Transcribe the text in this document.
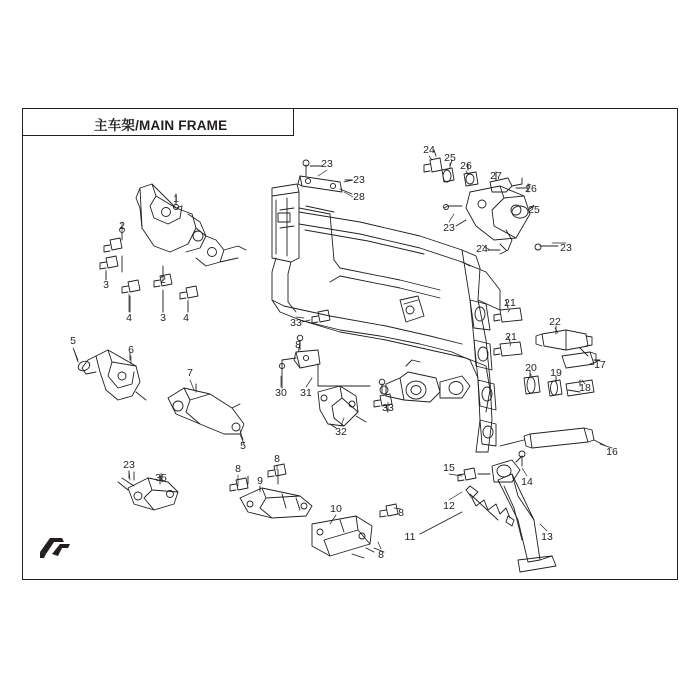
主车架/MAIN FRAME
1
2
2
3
3
4	4
5
5
6
7
8
8
8
8
8
9
10
11
12
13
14
15
16
17
18
19
20
21
21
22
23
23
23
23
23
24
24
25
25
26
26
27
28
30 31
32
33
33
35
